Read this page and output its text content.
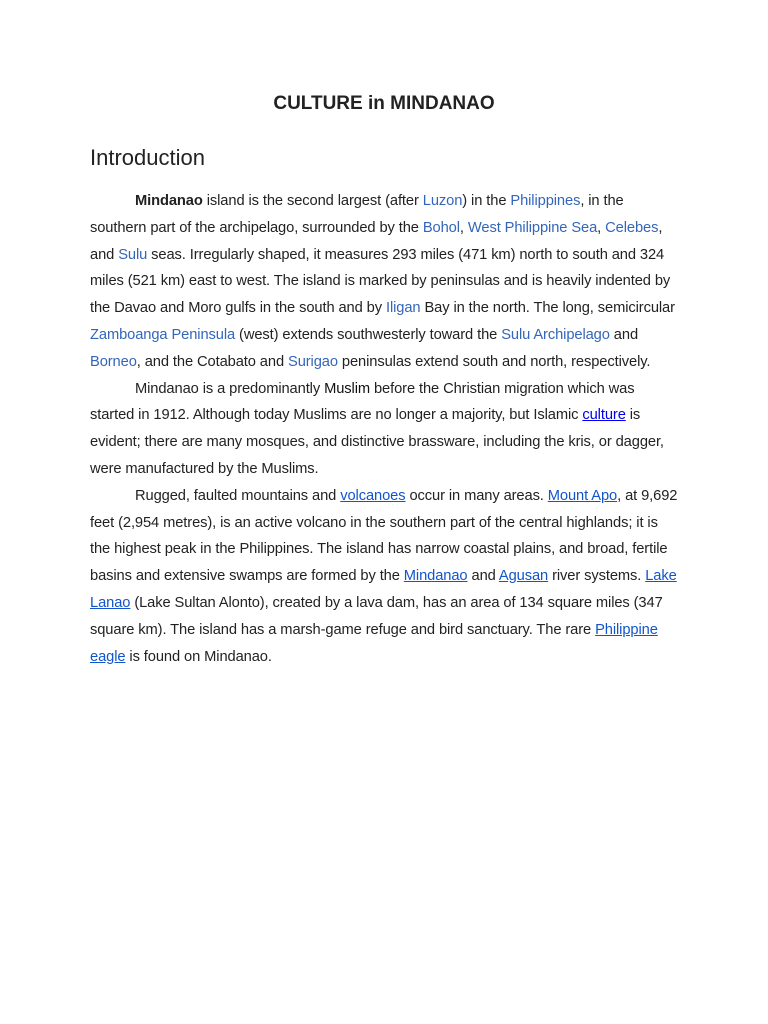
CULTURE in MINDANAO
Introduction

Mindanao island is the second largest (after Luzon) in the Philippines, in the southern part of the archipelago, surrounded by the Bohol, West Philippine Sea, Celebes, and Sulu seas. Irregularly shaped, it measures 293 miles (471 km) north to south and 324 miles (521 km) east to west. The island is marked by peninsulas and is heavily indented by the Davao and Moro gulfs in the south and by Iligan Bay in the north. The long, semicircular Zamboanga Peninsula (west) extends southwesterly toward the Sulu Archipelago and Borneo, and the Cotabato and Surigao peninsulas extend south and north, respectively.

Mindanao is a predominantly Muslim before the Christian migration which was started in 1912. Although today Muslims are no longer a majority, but Islamic culture is evident; there are many mosques, and distinctive brassware, including the kris, or dagger, were manufactured by the Muslims.

Rugged, faulted mountains and volcanoes occur in many areas. Mount Apo, at 9,692 feet (2,954 metres), is an active volcano in the southern part of the central highlands; it is the highest peak in the Philippines. The island has narrow coastal plains, and broad, fertile basins and extensive swamps are formed by the Mindanao and Agusan river systems. Lake Lanao (Lake Sultan Alonto), created by a lava dam, has an area of 134 square miles (347 square km). The island has a marsh-game refuge and bird sanctuary. The rare Philippine eagle is found on Mindanao.
